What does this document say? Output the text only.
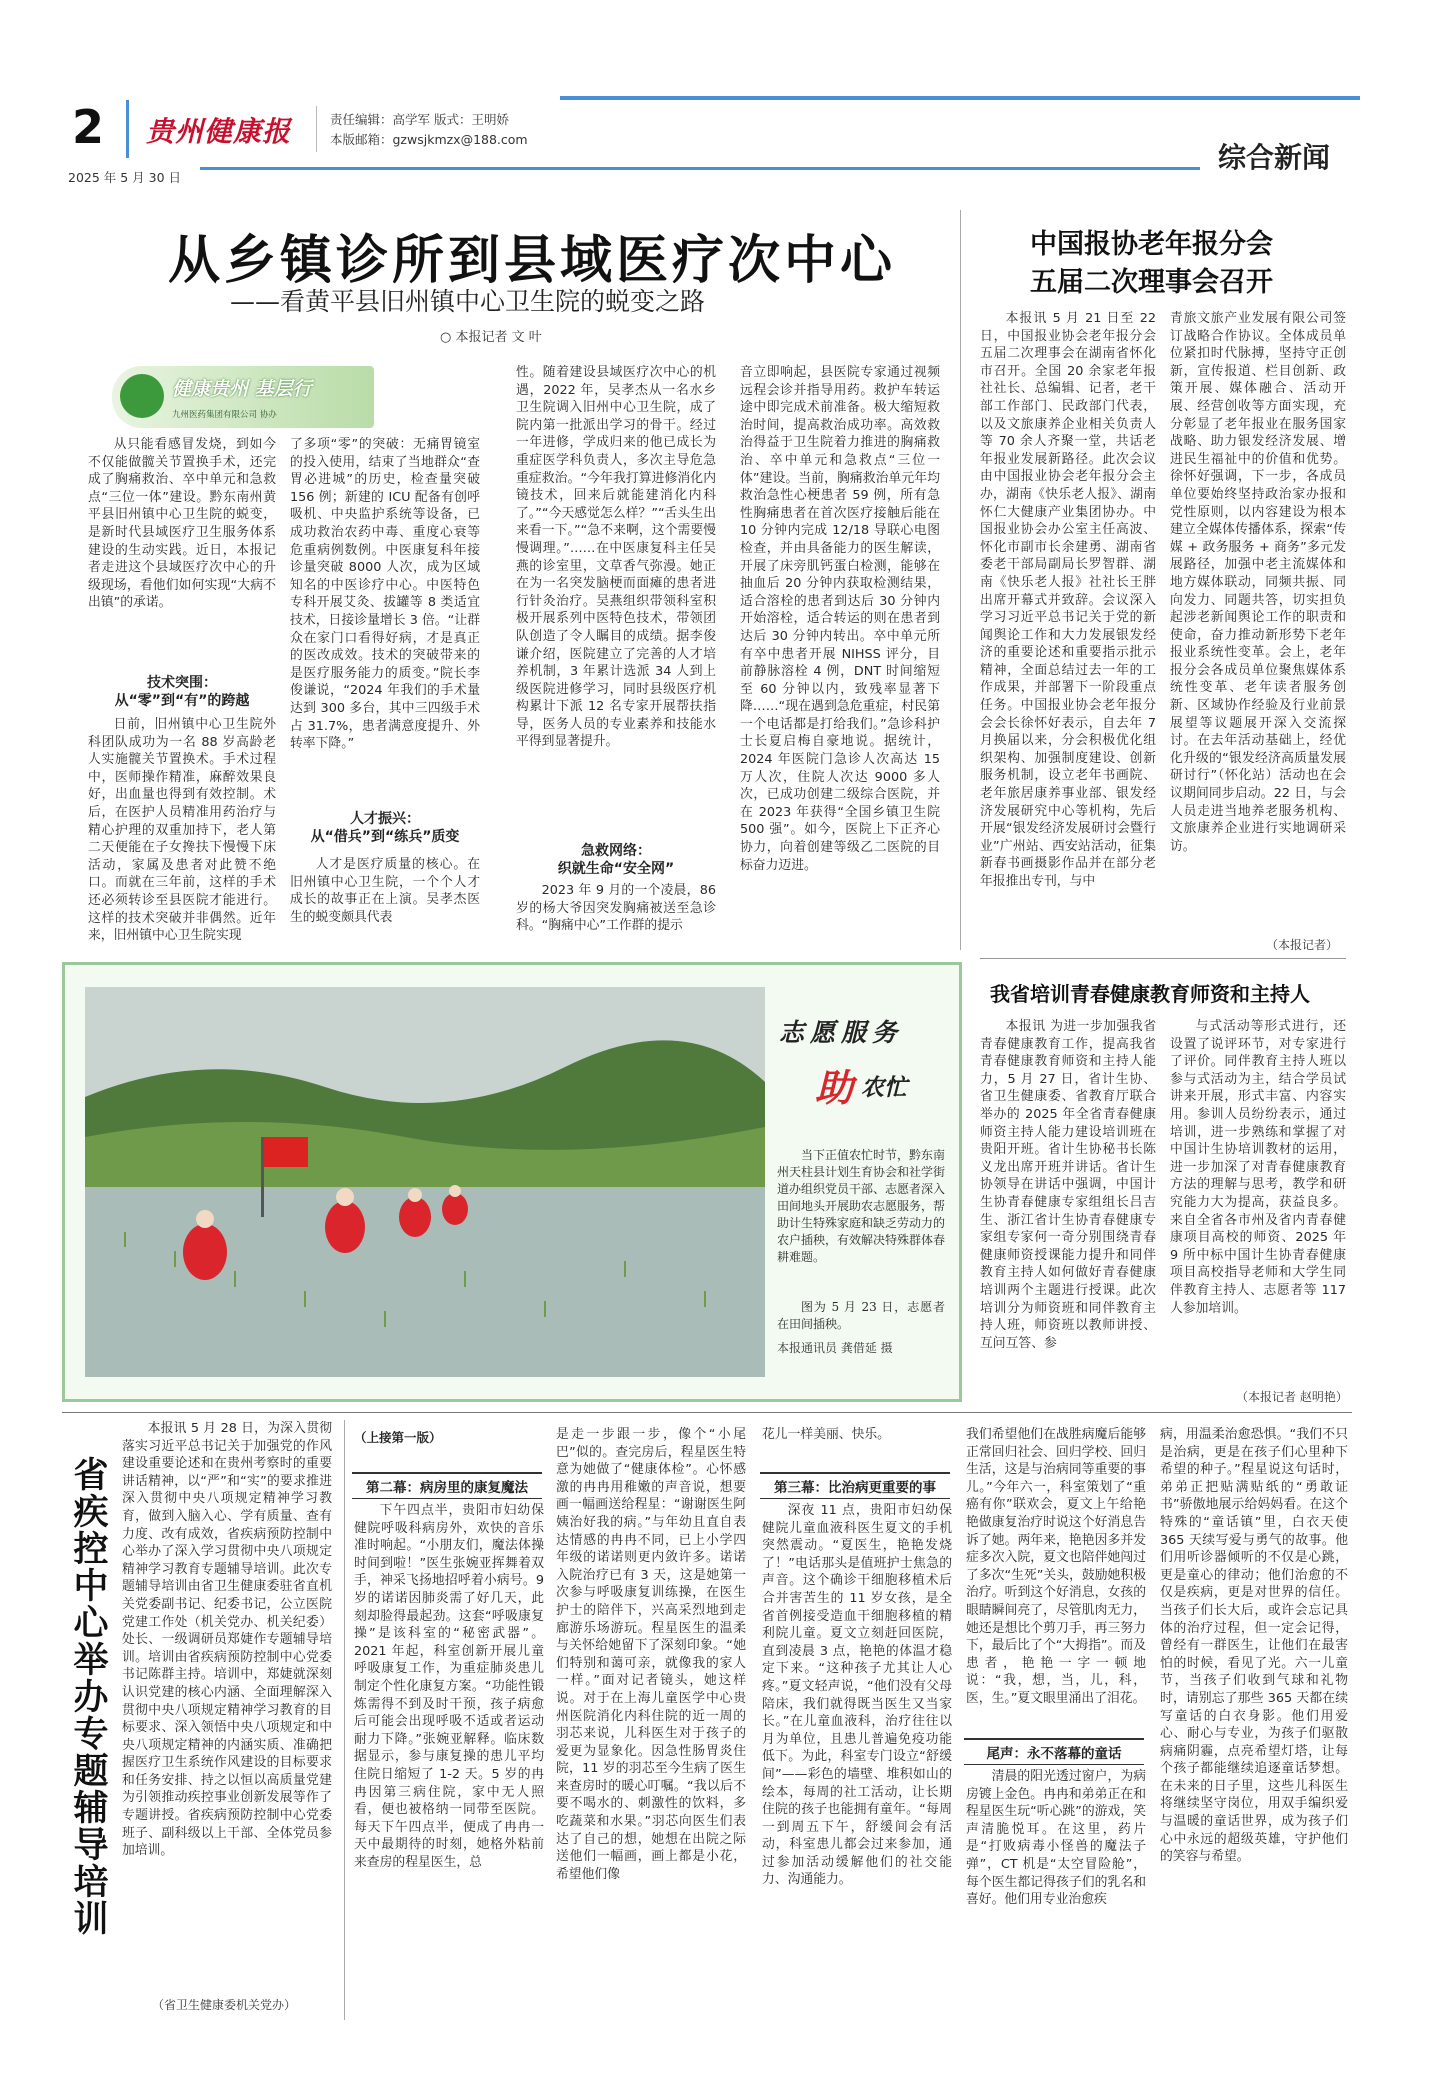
2 贵州健康报	责任编辑：高学军 版式：王明娇
本版邮箱：gzwsjkmzx@188.com
2025 年 5 月 30 日
综合新闻
从乡镇诊所到县域医疗次中心
——看黄平县旧州镇中心卫生院的蜕变之路
○ 本报记者 文 叶
健康贵州 基层行
九州医药集团有限公司 协办
从只能看感冒发烧，到如今不仅能做髋关节置换手术，还完成了胸痛救治、卒中单元和急救点“三位一体”建设。黔东南州黄平县旧州镇中心卫生院的蜕变，是新时代县域医疗卫生服务体系建设的生动实践。近日，本报记者走进这个县域医疗次中心的升级现场，看他们如何实现“大病不出镇”的承诺。
技术突围：
从“零”到“有”的跨越
日前，旧州镇中心卫生院外科团队成功为一名 88 岁高龄老人实施髋关节置换术。手术过程中，医师操作精准，麻醉效果良好，出血量也得到有效控制。术后，在医护人员精准用药治疗与精心护理的双重加持下，老人第二天便能在子女搀扶下慢慢下床活动，家属及患者对此赞不绝口。而就在三年前，这样的手术还必须转诊至县医院才能进行。这样的技术突破并非偶然。近年来，旧州镇中心卫生院实现
了多项“零”的突破：无痛胃镜室的投入使用，结束了当地群众“查胃必进城”的历史，检查量突破 156 例；新建的 ICU 配备有创呼吸机、中央监护系统等设备，已成功救治农药中毒、重度心衰等危重病例数例。中医康复科年接诊量突破 8000 人次，成为区域知名的中医诊疗中心。中医特色专科开展艾灸、拔罐等 8 类适宜技术，日接诊量增长 3 倍。“让群众在家门口看得好病，才是真正的医改成效。技术的突破带来的是医疗服务能力的质变。”院长李俊谦说，“2024 年我们的手术量达到 300 多台，其中三四级手术占 31.7%，患者满意度提升、外转率下降。”
人才振兴：
从“借兵”到“练兵”质变
人才是医疗质量的核心。在旧州镇中心卫生院，一个个人才成长的故事正在上演。吴孝杰医生的蜕变颇具代表
性。随着建设县域医疗次中心的机遇，2022 年，吴孝杰从一名水乡卫生院调入旧州中心卫生院，成了院内第一批派出学习的骨干。经过一年进修，学成归来的他已成长为重症医学科负责人，多次主导危急重症救治。“今年我打算进修消化内镜技术，回来后就能建消化内科了。”“今天感觉怎么样？”“舌头生出来看一下。”“急不来啊，这个需要慢慢调理。”……在中医康复科主任吴燕的诊室里，文草香气弥漫。她正在为一名突发脑梗而面瘫的患者进行针灸治疗。吴燕组织带领科室积极开展系列中医特色技术，带领团队创造了令人瞩目的成绩。据李俊谦介绍，医院建立了完善的人才培养机制，3 年累计选派 34 人到上级医院进修学习，同时县级医疗机构累计下派 12 名专家开展帮扶指导，医务人员的专业素养和技能水平得到显著提升。
急救网络：
织就生命“安全网”
2023 年 9 月的一个凌晨，86 岁的杨大爷因突发胸痛被送至急诊科。“胸痛中心”工作群的提示
音立即响起，县医院专家通过视频远程会诊并指导用药。救护车转运途中即完成术前准备。极大缩短救治时间，提高救治成功率。高效救治得益于卫生院着力推进的胸痛救治、卒中单元和急救点“三位一体”建设。当前，胸痛救治单元年均救治急性心梗患者 59 例，所有急性胸痛患者在首次医疗接触后能在 10 分钟内完成 12/18 导联心电图检查，并由具备能力的医生解读，开展了床旁肌钙蛋白检测，能够在抽血后 20 分钟内获取检测结果，适合溶栓的患者到达后 30 分钟内开始溶栓，适合转运的则在患者到达后 30 分钟内转出。卒中单元所有卒中患者开展 NIHSS 评分，目前静脉溶栓 4 例，DNT 时间缩短至 60 分钟以内，致残率显著下降……“现在遇到急危重症，村民第一个电话都是打给我们。”急诊科护士长夏启梅自豪地说。据统计，2024 年医院门急诊人次高达 15 万人次，住院人次达 9000 多人次，已成功创建二级综合医院，并在 2023 年获得“全国乡镇卫生院 500 强”。如今，医院上下正齐心协力，向着创建等级乙二医院的目标奋力迈进。
中国报协老年报分会
五届二次理事会召开
本报讯 5 月 21 日至 22 日，中国报业协会老年报分会五届二次理事会在湖南省怀化市召开。全国 20 余家老年报社社长、总编辑、记者，老干部工作部门、民政部门代表，以及文旅康养企业相关负责人等 70 余人齐聚一堂，共话老年报业发展新路径。此次会议由中国报业协会老年报分会主办，湖南《快乐老人报》、湖南怀仁大健康产业集团协办。中国报业协会办公室主任高波、怀化市副市长余建勇、湖南省委老干部局副局长罗智群、湖南《快乐老人报》社社长王胖出席开幕式并致辞。会议深入学习习近平总书记关于党的新闻舆论工作和大力发展银发经济的重要论述和重要指示批示精神，全面总结过去一年的工作成果，并部署下一阶段重点任务。中国报业协会老年报分会会长徐怀好表示，自去年 7 月换届以来，分会积极优化组织架构、加强制度建设、创新服务机制，设立老年书画院、老年旅居康养事业部、银发经济发展研究中心等机构，先后开展“银发经济发展研讨会暨行业”广州站、西安站活动，征集新春书画摄影作品并在部分老年报推出专刊，与中
青旅文旅产业发展有限公司签订战略合作协议。全体成员单位紧扣时代脉搏，坚持守正创新，宣传报道、栏目创新、政策开展、媒体融合、活动开展、经营创收等方面实现，充分彰显了老年报业在服务国家战略、助力银发经济发展、增进民生福祉中的价值和优势。徐怀好强调，下一步，各成员单位要始终坚持政治家办报和党性原则，以内容建设为根本建立全媒体传播体系，探索“传媒 + 政务服务 + 商务”多元发展路径，加强中老主流媒体和地方媒体联动，同频共振、同向发力、同题共答，切实担负起涉老新闻舆论工作的职责和使命，奋力推动新形势下老年报业系统性变革。会上，老年报分会各成员单位聚焦媒体系统性变革、老年读者服务创新、区域协作经验及行业前景展望等议题展开深入交流探讨。在去年活动基础上，经优化升级的“银发经济高质量发展研讨行”（怀化站）活动也在会议期间同步启动。22 日，与会人员走进当地养老服务机构、文旅康养企业进行实地调研采访。
（本报记者）
我省培训青春健康教育师资和主持人
本报讯 为进一步加强我省青春健康教育工作，提高我省青春健康教育师资和主持人能力，5 月 27 日，省计生协、省卫生健康委、省教育厅联合举办的 2025 年全省青春健康师资主持人能力建设培训班在贵阳开班。省计生协秘书长陈义龙出席开班并讲话。省计生协领导在讲话中强调，中国计生协青春健康专家组组长吕吉生、浙江省计生协青春健康专家组专家何一奇分别围绕青春健康师资授课能力提升和同伴教育主持人如何做好青春健康培训两个主题进行授课。此次培训分为师资班和同伴教育主持人班，师资班以教师讲授、互问互答、参
与式活动等形式进行，还设置了说评环节，对专家进行了评价。同伴教育主持人班以参与式活动为主，结合学员试讲来开展，形式丰富、内容实用。参训人员纷纷表示，通过培训，进一步熟练和掌握了对中国计生协培训教材的运用，进一步加深了对青春健康教育方法的理解与思考，教学和研究能力大为提高，获益良多。来自全省各市州及省内青春健康项目高校的师资、2025 年 9 所中标中国计生协青春健康项目高校指导老师和大学生同伴教育主持人、志愿者等 117 人参加培训。
（本报记者 赵明艳）
志愿服务
助 农忙
当下正值农忙时节，黔东南州天柱县计划生育协会和社学街道办组织党员干部、志愿者深入田间地头开展助农志愿服务，帮助计生特殊家庭和缺乏劳动力的农户插秧，有效解决特殊群体春耕难题。
图为 5 月 23 日，志愿者在田间插秧。
本报通讯员 龚借延 摄
省疾控中心举办专题辅导培训
本报讯 5 月 28 日，为深入贯彻落实习近平总书记关于加强党的作风建设重要论述和在贵州考察时的重要讲话精神，以“严”和“实”的要求推进深入贯彻中央八项规定精神学习教育，做到入脑入心、学有质量、查有力度、改有成效，省疾病预防控制中心举办了深入学习贯彻中央八项规定精神学习教育专题辅导培训。此次专题辅导培训由省卫生健康委驻省直机关党委副书记、纪委书记，公立医院党建工作处（机关党办、机关纪委）处长、一级调研员郑婕作专题辅导培训。培训由省疾病预防控制中心党委书记陈群主持。培训中，郑婕就深刻认识党建的核心内涵、全面理解深入贯彻中央八项规定精神学习教育的目标要求、深入领悟中央八项规定和中央八项规定精神的内涵实质、准确把握医疗卫生系统作风建设的目标要求和任务安排、持之以恒以高质量党建为引领推动疾控事业创新发展等作了专题讲授。省疾病预防控制中心党委班子、副科级以上干部、全体党员参加培训。
（省卫生健康委机关党办）
（上接第一版）
第二幕：病房里的康复魔法
下午四点半，贵阳市妇幼保健院呼吸科病房外，欢快的音乐准时响起。“小朋友们，魔法体操时间到啦！”医生张婉亚挥舞着双手，神采飞扬地招呼着小病号。9 岁的诺诺因肺炎需了好几天，此刻却脸得最起劲。这套“呼吸康复操”是该科室的“秘密武器”。2021 年起，科室创新开展儿童呼吸康复工作，为重症肺炎患儿制定个性化康复方案。“功能性锻炼需得不到及时干预，孩子病愈后可能会出现呼吸不适或者运动耐力下降。”张婉亚解释。临床数据显示，参与康复操的患儿平均住院日缩短了 1-2 天。5 岁的冉冉因第三病住院，家中无人照看，便也被格纳一同带至医院。每天下午四点半，便成了冉冉一天中最期待的时刻，她格外粘前来查房的程星医生，总
是走一步跟一步，像个“小尾巴”似的。查完房后，程星医生特意为她做了“健康体检”。心怀感激的冉冉用稚嫩的声音说，想要画一幅画送给程星：“谢谢医生阿姨治好我的病。”与年幼且直自表达情感的冉冉不同，已上小学四年级的诺诺则更内敛许多。诺诺入院治疗已有 3 天，这是她第一次参与呼吸康复训练操，在医生护士的陪伴下，兴高采烈地到走廊游乐场游玩。程星医生的温柔与关怀给她留下了深刻印象。“她们特别和蔼可亲，就像我的家人一样。”面对记者镜头，她这样说。对于在上海儿童医学中心贵州医院消化内科住院的近一周的羽芯来说，儿科医生对于孩子的爱更为显象化。因急性肠胃炎住院，11 岁的羽芯至今生病了医生来查房时的暖心叮嘱。“我以后不要不喝水的、刺激性的饮料，多吃蔬菜和水果。”羽芯向医生们表达了自己的想，她想在出院之际送他们一幅画，画上都是小花，希望他们像
花儿一样美丽、快乐。
第三幕：比治病更重要的事
深夜 11 点，贵阳市妇幼保健院儿童血液科医生夏文的手机突然震动。“夏医生，艳艳发烧了！”电话那头是值班护士焦急的声音。这个确诊干细胞移植术后合并害苦生的 11 岁女孩，是全省首例接受造血干细胞移植的精利院儿童。夏文立刻赶回医院，直到凌晨 3 点，艳艳的体温才稳定下来。“这种孩子尤其让人心疼。”夏文轻声说，“他们没有父母陪床，我们就得既当医生又当家长。”在儿童血液科，治疗往往以月为单位，且患儿普遍免疫功能低下。为此，科室专门设立“舒缓间”——彩色的墙壁、堆积如山的绘本，每周的社工活动，让长期住院的孩子也能拥有童年。“每周一到周五下午，舒缓间会有活动，科室患儿都会过来参加，通过参加活动缓解他们的社交能力、沟通能力。
我们希望他们在战胜病魔后能够正常回归社会、回归学校、回归生活，这是与治病同等重要的事儿。”今年六一，科室策划了“重癌有你”联欢会，夏文上午给艳艳做康复治疗时说这个好消息告诉了她。两年来，艳艳因多并发症多次入院，夏文也陪伴她闯过了多次“生死”关头，鼓励她积极治疗。听到这个好消息，女孩的眼睛瞬间亮了，尽管肌肉无力，她还是想比个剪刀手，再三努力下，最后比了个“大拇指”。而及患者，艳艳一字一顿地说：“我，想，当，儿，科，医，生。”夏文眼里涌出了泪花。
尾声：永不落幕的童话
清晨的阳光透过窗户，为病房镀上金色。冉冉和弟弟正在和程星医生玩“听心跳”的游戏，笑声清脆悦耳。在这里，药片是“打败病毒小怪兽的魔法子弹”，CT 机是“太空冒险舱”，每个医生都记得孩子们的乳名和喜好。他们用专业治愈疾
病，用温柔治愈恐惧。“我们不只是治病，更是在孩子们心里种下希望的种子。”程星说这句话时，弟弟正把贴满贴纸的“勇敢证书”骄傲地展示给妈妈看。在这个特殊的“童话镇”里，白衣天使 365 天续写爱与勇气的故事。他们用听诊器倾听的不仅是心跳，更是童心的律动；他们治愈的不仅是疾病，更是对世界的信任。当孩子们长大后，或许会忘记具体的治疗过程，但一定会记得，曾经有一群医生，让他们在最害怕的时候，看见了光。六一儿童节，当孩子们收到气球和礼物时，请别忘了那些 365 天都在续写童话的白衣身影。他们用爱心、耐心与专业，为孩子们驱散病痛阴霾，点亮希望灯塔，让每个孩子都能继续追逐童话梦想。在未来的日子里，这些儿科医生将继续坚守岗位，用双手编织爱与温暖的童话世界，成为孩子们心中永远的超级英雄，守护他们的笑容与希望。
